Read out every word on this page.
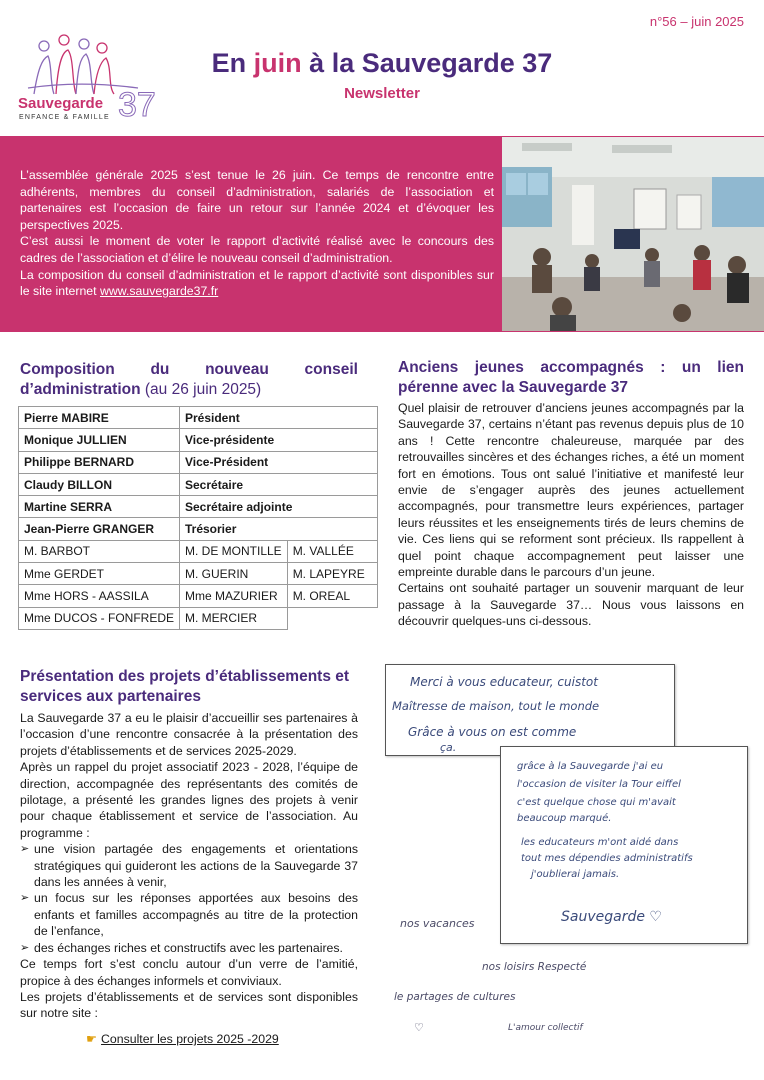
37
Sauvegarde
ENFANCE & FAMILLE
n°56 – juin 2025
En juin à la Sauvegarde 37
Newsletter

L’assemblée générale 2025 s’est tenue le 26 juin. Ce temps de rencontre entre adhérents, membres du conseil d’administration, salariés de l’association et partenaires est l’occasion de faire un retour sur l’année 2024 et d’évoquer les perspectives 2025.

C’est aussi le moment de voter le rapport d’activité réalisé avec le concours des cadres de l’association et d’élire le nouveau conseil d’administration.

La composition du conseil d’administration et le rapport d’activité sont disponibles sur le site internet www.sauvegarde37.fr

Composition du nouveau conseil
d’administration (au 26 juin 2025)
Pierre MABIRE	Président	
Monique JULLIEN	Vice-présidente	
Philippe BERNARD	Vice-Président	
Claudy BILLON	Secrétaire	
Martine SERRA	Secrétaire adjointe	
Jean-Pierre GRANGER	Trésorier	
M. BARBOT	M. DE MONTILLE	M. VALLÉE
Mme GERDET	M. GUERIN	M. LAPEYRE
Mme HORS - AASSILA	Mme MAZURIER	M. OREAL
Mme DUCOS - FONFREDE	M. MERCIER	
Présentation des projets d’établissements et
services aux partenaires

La Sauvegarde 37 a eu le plaisir d’accueillir ses partenaires à l’occasion d’une rencontre consacrée à la présentation des projets d’établissements et de services 2025-2029.

Après un rappel du projet associatif 2023 - 2028, l’équipe de direction, accompagnée des représentants des comités de pilotage, a présenté les grandes lignes des projets à venir pour chaque établissement et service de l’association. Au programme :

➢ une vision partagée des engagements et orientations stratégiques qui guideront les actions de la Sauvegarde 37 dans les années à venir,
➢ un focus sur les réponses apportées aux besoins des enfants et familles accompagnés au titre de la protection de l’enfance,
➢ des échanges riches et constructifs avec les partenaires.

Ce temps fort s’est conclu autour d’un verre de l’amitié, propice à des échanges informels et conviviaux.

Les projets d’établissements et de services sont disponibles sur notre site :

☛ Consulter les projets 2025 -2029
Anciens jeunes accompagnés : un lien
pérenne avec la Sauvegarde 37

Quel plaisir de retrouver d’anciens jeunes accompagnés par la Sauvegarde 37, certains n’étant pas revenus depuis plus de 10 ans ! Cette rencontre chaleureuse, marquée par des retrouvailles sincères et des échanges riches, a été un moment fort en émotions. Tous ont salué l’initiative et manifesté leur envie de s’engager auprès des jeunes actuellement accompagnés, pour transmettre leurs expériences, partager leurs réussites et les enseignements tirés de leurs chemins de vie. Ces liens qui se reforment sont précieux. Ils rappellent à quel point chaque accompagnement peut laisser une empreinte durable dans le parcours d’un jeune.

Certains ont souhaité partager un souvenir marquant de leur passage à la Sauvegarde 37… Nous vous laissons en découvrir quelques-uns ci-dessous.

Merci à vous educateur, cuistot
Maîtresse de maison, tout le monde
Grâce à vous on est comme
ça.
grâce à la Sauvegarde j'ai eu
l'occasion de visiter la Tour eiffel
c'est quelque chose qui m'avait
beaucoup marqué.
les educateurs m'ont aidé dans
tout mes dépendies administratifs
j'oublierai jamais.
Sauvegarde ♡
nos vacances
nos loisirs Respecté
le partages de cultures
♡	L'amour collectif
